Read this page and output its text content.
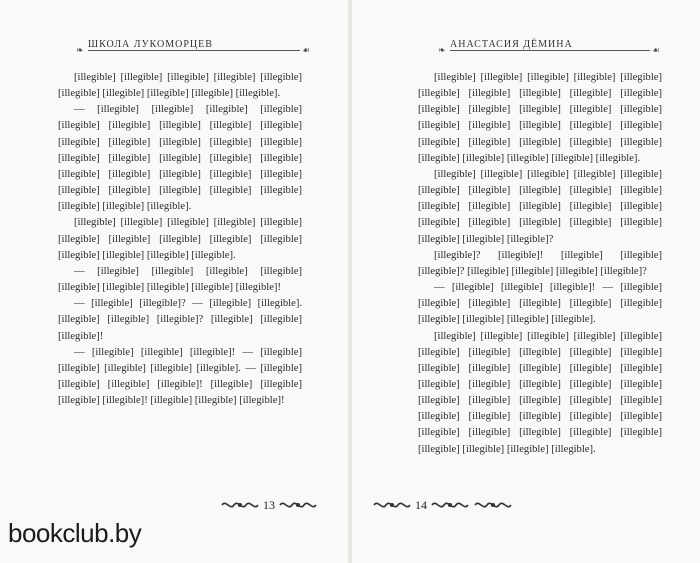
❧ ШКОЛА ЛУКОМОРЦЕВ	☙

[illegible] [illegible] [illegible] [illegible] [illegible] [illegible] [illegible] [illegible] [illegible] [illegible].

— [illegible] [illegible] [illegible] [illegible] [illegible] [illegible] [illegible] [illegible] [illegible] [illegible] [illegible] [illegible] [illegible] [illegible] [illegible] [illegible] [illegible] [illegible] [illegible] [illegible] [illegible] [illegible] [illegible] [illegible] [illegible] [illegible] [illegible] [illegible] [illegible] [illegible] [illegible] [illegible].

[illegible] [illegible] [illegible] [illegible] [illegible] [illegible] [illegible] [illegible] [illegible] [illegible] [illegible] [illegible] [illegible] [illegible].

— [illegible] [illegible] [illegible] [illegible] [illegible] [illegible] [illegible] [illegible] [illegible]!

— [illegible] [illegible]? — [illegible] [illegible]. [illegible] [illegible] [illegible]? [illegible] [illegible] [illegible]!

— [illegible] [illegible] [illegible]! — [illegible] [illegible] [illegible] [illegible] [illegible]. — [illegible] [illegible] [illegible] [illegible]! [illegible] [illegible] [illegible] [illegible]! [illegible] [illegible] [illegible]!

13
❧ АНАСТАСИЯ ДЁМИНА	☙

[illegible] [illegible] [illegible] [illegible] [illegible] [illegible] [illegible] [illegible] [illegible] [illegible] [illegible] [illegible] [illegible] [illegible] [illegible] [illegible] [illegible] [illegible] [illegible] [illegible] [illegible] [illegible] [illegible] [illegible] [illegible] [illegible] [illegible] [illegible] [illegible] [illegible].

[illegible] [illegible] [illegible] [illegible] [illegible] [illegible] [illegible] [illegible] [illegible] [illegible] [illegible] [illegible] [illegible] [illegible] [illegible] [illegible] [illegible] [illegible] [illegible] [illegible] [illegible] [illegible] [illegible]?

[illegible]? [illegible]! [illegible] [illegible] [illegible]? [illegible] [illegible] [illegible] [illegible]?

— [illegible] [illegible] [illegible]! — [illegible] [illegible] [illegible] [illegible] [illegible] [illegible] [illegible] [illegible] [illegible] [illegible].

[illegible] [illegible] [illegible] [illegible] [illegible] [illegible] [illegible] [illegible] [illegible] [illegible] [illegible] [illegible] [illegible] [illegible] [illegible] [illegible] [illegible] [illegible] [illegible] [illegible] [illegible] [illegible] [illegible] [illegible] [illegible] [illegible] [illegible] [illegible] [illegible] [illegible] [illegible] [illegible] [illegible] [illegible] [illegible] [illegible] [illegible] [illegible] [illegible].

14
bookclub.by
